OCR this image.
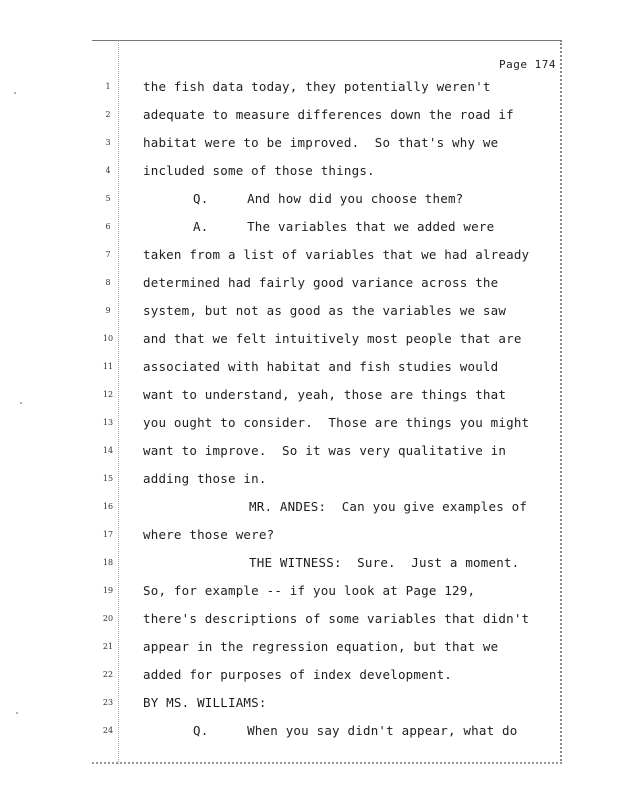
Page 174
1	the fish data today, they potentially weren't
2	adequate to measure differences down the road if
3	habitat were to be improved.  So that's why we
4	included some of those things.
5	Q.     And how did you choose them?
6	A.     The variables that we added were
7	taken from a list of variables that we had already
8	determined had fairly good variance across the
9	system, but not as good as the variables we saw
10	and that we felt intuitively most people that are
11	associated with habitat and fish studies would
12	want to understand, yeah, those are things that
13	you ought to consider.  Those are things you might
14	want to improve.  So it was very qualitative in
15	adding those in.
16	MR. ANDES:  Can you give examples of
17	where those were?
18	THE WITNESS:  Sure.  Just a moment.
19	So, for example -- if you look at Page 129,
20	there's descriptions of some variables that didn't
21	appear in the regression equation, but that we
22	added for purposes of index development.
23	BY MS. WILLIAMS:
24	Q.     When you say didn't appear, what do
